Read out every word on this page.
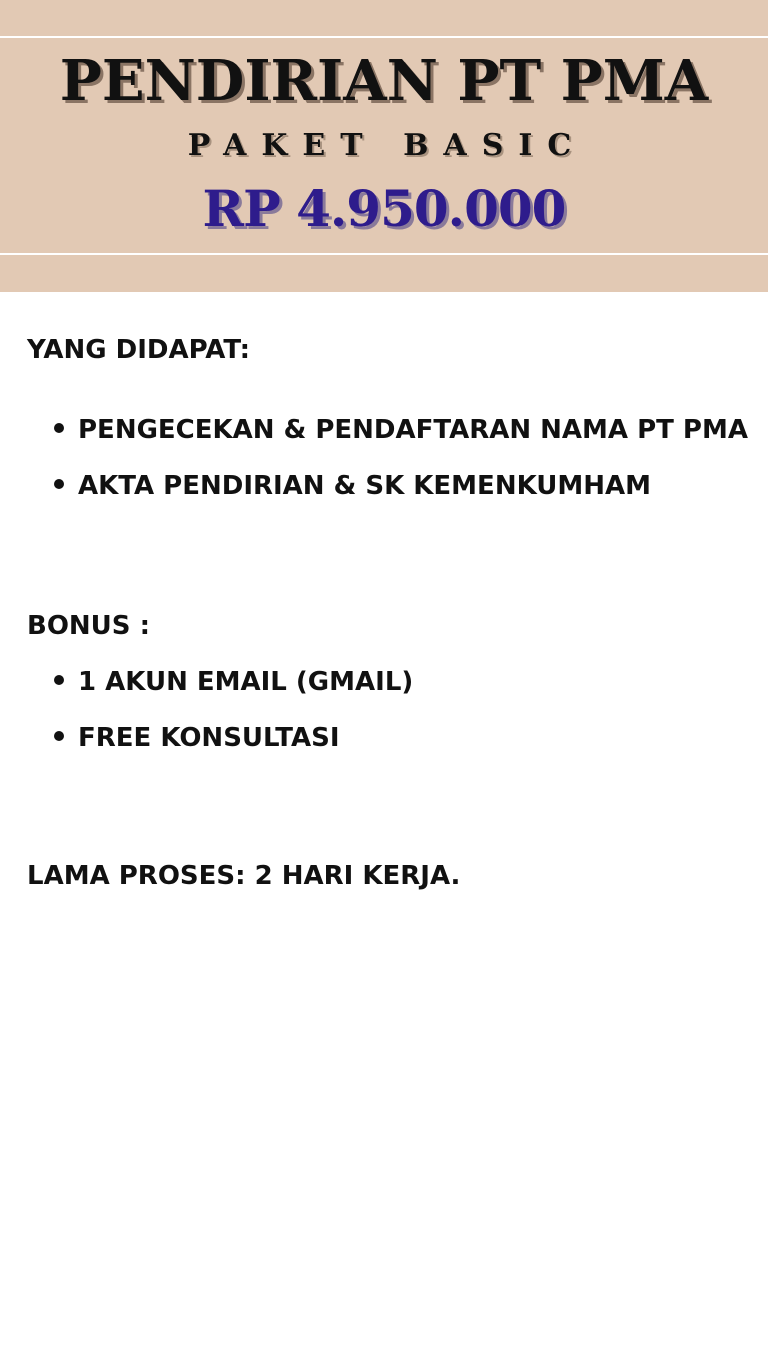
PENDIRIAN PT PMA
PAKET BASIC
RP 4.950.000
YANG DIDAPAT:
PENGECEKAN & PENDAFTARAN NAMA PT PMA
AKTA PENDIRIAN & SK KEMENKUMHAM
BONUS :
1 AKUN EMAIL (GMAIL)
FREE KONSULTASI
LAMA PROSES: 2 HARI KERJA.
